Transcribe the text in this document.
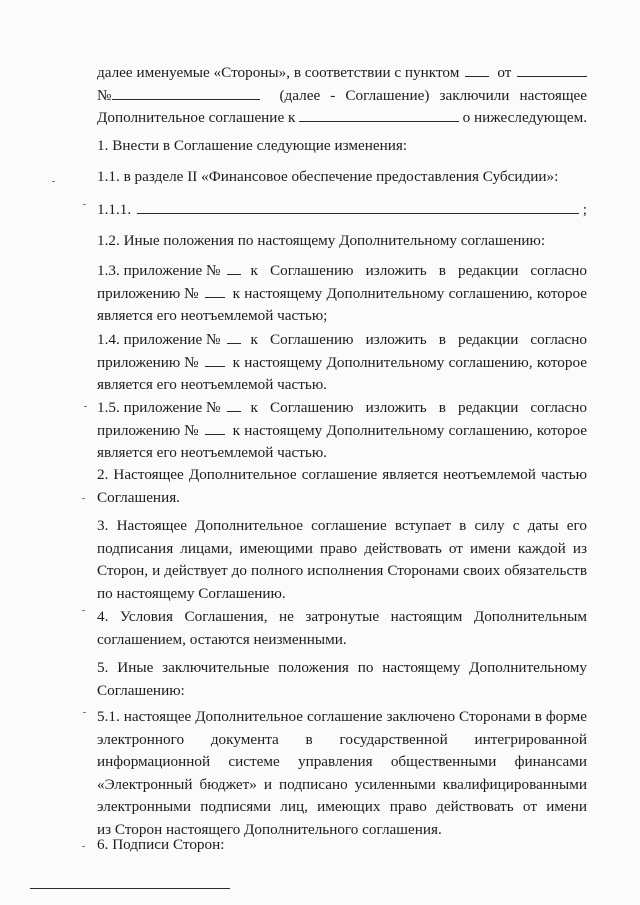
далее именуемые «Стороны», в соответствии с пунктом	от
№	(далее - Соглашение) заключили настоящее
Дополнительное соглашение к	о нижеследующем.

1. Внести в Соглашение следующие изменения:

1.1. в разделе II «Финансовое обеспечение предоставления Субсидии»:

1.1.1.	;

1.2. Иные положения по настоящему Дополнительному соглашению:

1.3. приложение № к Соглашению изложить в редакции согласно
приложению № к настоящему Дополнительному соглашению, которое
является его неотъемлемой частью;
1.4. приложение № к Соглашению изложить в редакции согласно
приложению № к настоящему Дополнительному соглашению, которое
является его неотъемлемой частью.
1.5. приложение № к Соглашению изложить в редакции согласно
приложению № к настоящему Дополнительному соглашению, которое
является его неотъемлемой частью.
2. Настоящее Дополнительное соглашение является неотъемлемой частью
Соглашения.
3. Настоящее Дополнительное соглашение вступает в силу с даты его
подписания лицами, имеющими право действовать от имени каждой из
Сторон, и действует до полного исполнения Сторонами своих обязательств
по настоящему Соглашению.
4. Условия Соглашения, не затронутые настоящим Дополнительным
соглашением, остаются неизменными.
5. Иные заключительные положения по настоящему Дополнительному
Соглашению:
5.1. настоящее Дополнительное соглашение заключено Сторонами в форме
электронного документа в государственной интегрированной
информационной системе управления общественными финансами
«Электронный бюджет» и подписано усиленными квалифицированными
электронными подписями лиц, имеющих право действовать от имени
из Сторон настоящего Дополнительного соглашения.

6. Подписи Сторон:
